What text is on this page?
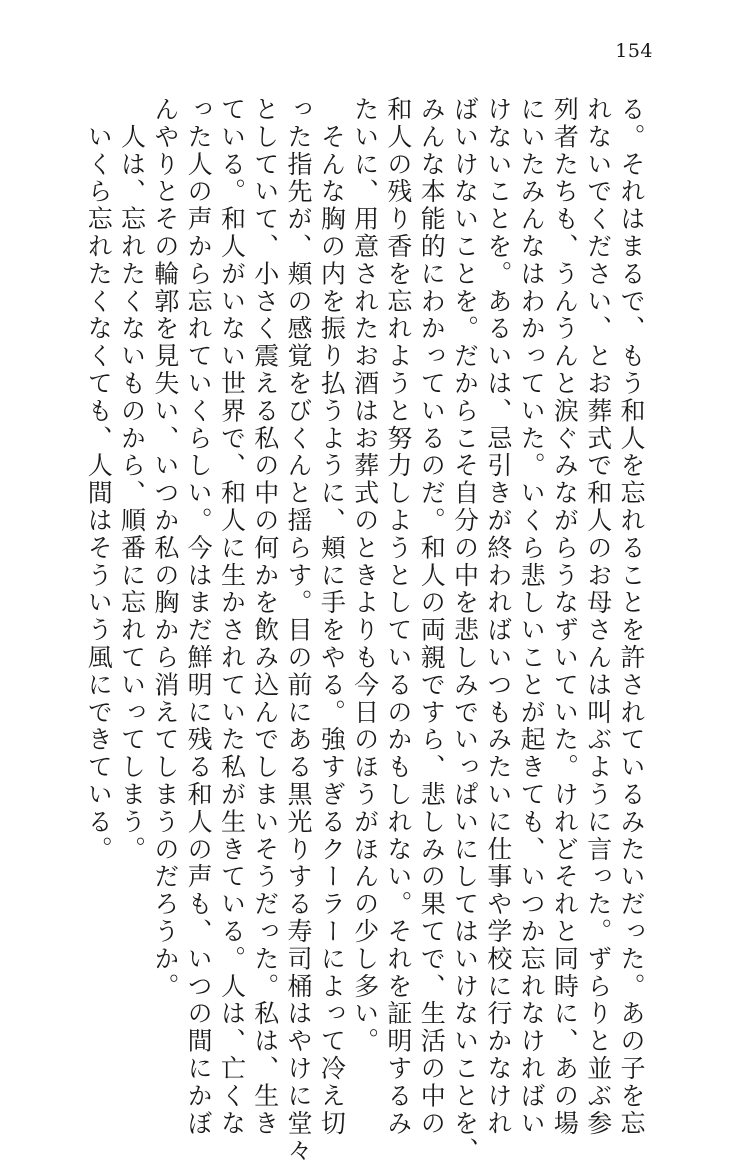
154
る。それはまるで、もう和人を忘れることを許されているみたいだった。あの子を忘
れないでください、とお葬式で和人のお母さんは叫ぶように言った。ずらりと並ぶ参
列者たちも、うんうんと涙ぐみながらうなずいていた。けれどそれと同時に、あの場
にいたみんなはわかっていた。いくら悲しいことが起きても、いつか忘れなければい
けないことを。あるいは、忌引きが終わればいつもみたいに仕事や学校に行かなけれ
ばいけないことを。だからこそ自分の中を悲しみでいっぱいにしてはいけないことを、
みんな本能的にわかっているのだ。和人の両親ですら、悲しみの果てで、生活の中の
和人の残り香を忘れようと努力しようとしているのかもしれない。それを証明するみ
たいに、用意されたお酒はお葬式のときよりも今日のほうがほんの少し多い。
　そんな胸の内を振り払うように、頬に手をやる。強すぎるクーラーによって冷え切
った指先が、頬の感覚をびくんと揺らす。目の前にある黒光りする寿司桶はやけに堂々
としていて、小さく震える私の中の何かを飲み込んでしまいそうだった。私は、生き
ている。和人がいない世界で、和人に生かされていた私が生きている。人は、亡くな
った人の声から忘れていくらしい。今はまだ鮮明に残る和人の声も、いつの間にかぼ
んやりとその輪郭を見失い、いつか私の胸から消えてしまうのだろうか。
　人は、忘れたくないものから、順番に忘れていってしまう。
　いくら忘れたくなくても、人間はそういう風にできている。
